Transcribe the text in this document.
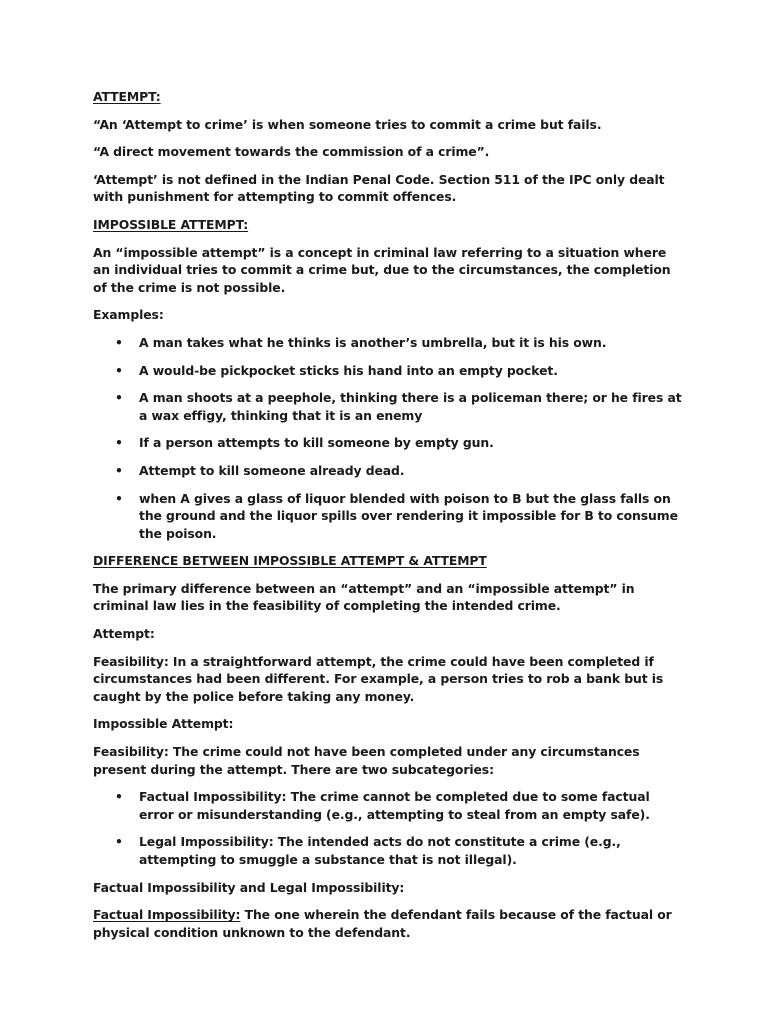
ATTEMPT:

“An ‘Attempt to crime’ is when someone tries to commit a crime but fails.

“A direct movement towards the commission of a crime”.

‘Attempt’ is not defined in the Indian Penal Code. Section 511 of the IPC only dealt with punishment for attempting to commit offences.

IMPOSSIBLE ATTEMPT:

An “impossible attempt” is a concept in criminal law referring to a situation where an individual tries to commit a crime but, due to the circumstances, the completion of the crime is not possible.

Examples:

• A man takes what he thinks is another’s umbrella, but it is his own.
• A would-be pickpocket sticks his hand into an empty pocket.
• A man shoots at a peephole, thinking there is a policeman there; or he fires at a wax effigy, thinking that it is an enemy
• If a person attempts to kill someone by empty gun.
• Attempt to kill someone already dead.
• when A gives a glass of liquor blended with poison to B but the glass falls on the ground and the liquor spills over rendering it impossible for B to consume the poison.

DIFFERENCE BETWEEN IMPOSSIBLE ATTEMPT & ATTEMPT

The primary difference between an “attempt” and an “impossible attempt” in criminal law lies in the feasibility of completing the intended crime.

Attempt:

Feasibility: In a straightforward attempt, the crime could have been completed if circumstances had been different. For example, a person tries to rob a bank but is caught by the police before taking any money.

Impossible Attempt:

Feasibility: The crime could not have been completed under any circumstances present during the attempt. There are two subcategories:

• Factual Impossibility: The crime cannot be completed due to some factual error or misunderstanding (e.g., attempting to steal from an empty safe).
• Legal Impossibility: The intended acts do not constitute a crime (e.g., attempting to smuggle a substance that is not illegal).

Factual Impossibility and Legal Impossibility:

Factual Impossibility: The one wherein the defendant fails because of the factual or physical condition unknown to the defendant.
